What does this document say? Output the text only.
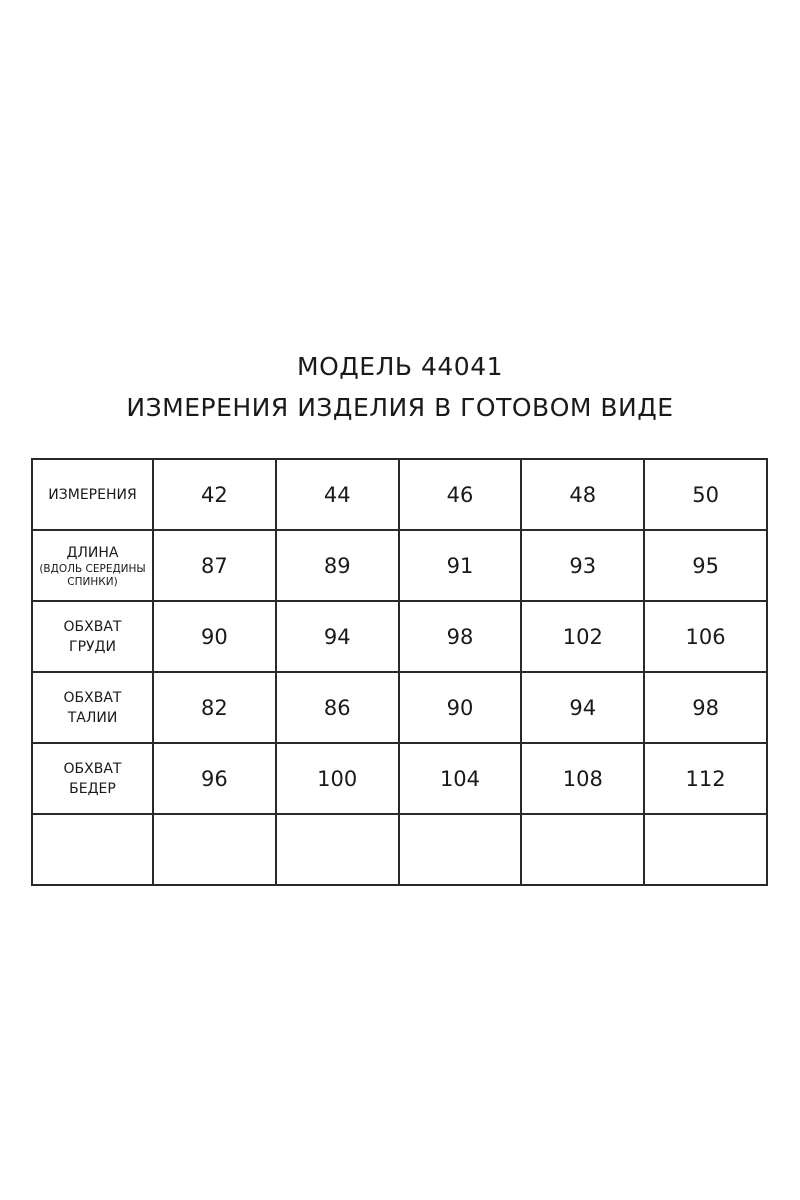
МОДЕЛЬ 44041
ИЗМЕРЕНИЯ ИЗДЕЛИЯ В ГОТОВОМ ВИДЕ
ИЗМЕРЕНИЯ	42	44	46	48	50

ДЛИНА
(ВДОЛЬ СЕРЕДИНЫ СПИНКИ)	87	89	91	93	95

ОБХВАТ
ГРУДИ	90	94	98	102	106

ОБХВАТ
ТАЛИИ	82	86	90	94	98

ОБХВАТ
БЕДЕР	96	100	104	108	112
